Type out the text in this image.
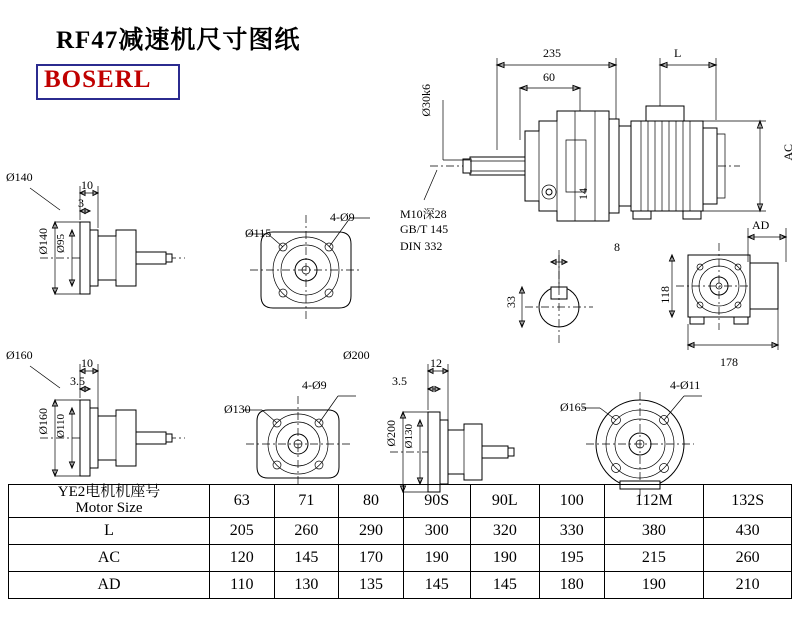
RF47减速机尺寸图纸
BOSERL
235	L
60
Ø30k6
AC
14
M10深28
GB/T 145
DIN 332	8
33	118
178
AD
Ø140
10
3
Ø140 Ø95
4-Ø9
Ø115
Ø160
10
3.5
Ø160 Ø110
4-Ø9
Ø130
Ø200
12
3.5
Ø200 Ø130
4-Ø11
Ø165
YE2电机机座号
Motor Size	63	71	80	90S	90L	100	112M	132S
L	205	260	290	300	320	330	380	430
AC	120	145	170	190	190	195	215	260
AD	110	130	135	145	145	180	190	210
